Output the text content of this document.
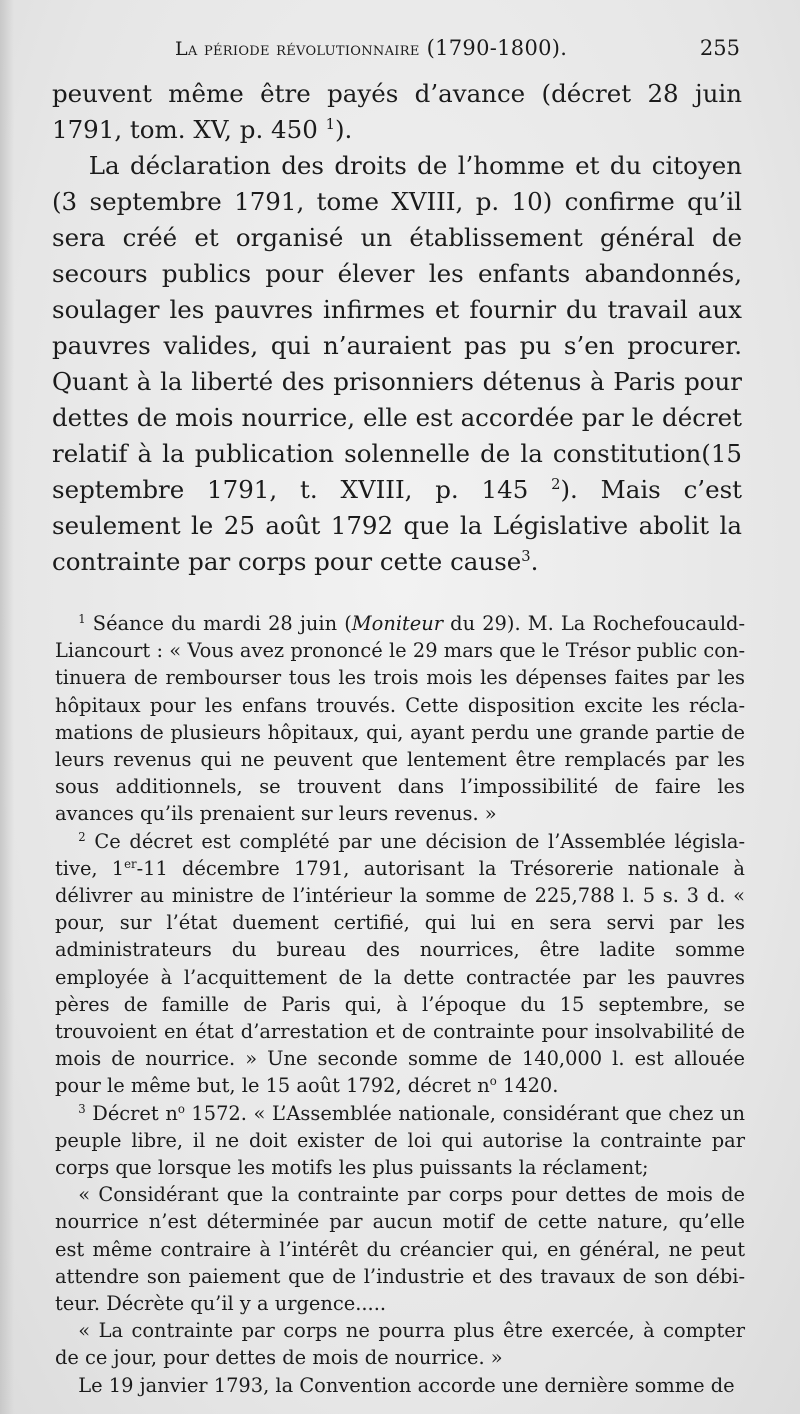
La période révolutionnaire (1790-1800).	255

peuvent même être payés d’avance (décret 28 juin 1791, tom. XV, p. 450 $^1$).

La déclaration des droits de l’homme et du citoyen (3 septembre 1791, tome XVIII, p. 10) confirme qu’il sera créé et organisé un établissement général de secours publics pour élever les enfants abandonnés, soulager les pauvres infirmes et fournir du travail aux pauvres valides, qui n’auraient pas pu s’en procurer. Quant à la liberté des prisonniers détenus à Paris pour dettes de mois nourrice, elle est accordée par le décret relatif à la publication solennelle de la constitution(15 septembre 1791, t. XVIII, p. 145 $^2$). Mais c’est seulement le 25 août 1792 que la Législative abolit la contrainte par corps pour cette cause$^3$.

$^1$ Séance du mardi 28 juin (Moniteur du 29). M. La Rochefoucauld-Liancourt : « Vous avez prononcé le 29 mars que le Trésor public continuera de rembourser tous les trois mois les dépenses faites par les hôpitaux pour les enfans trouvés. Cette disposition excite les réclamations de plusieurs hôpitaux, qui, ayant perdu une grande partie de leurs revenus qui ne peuvent que lentement être remplacés par les sous additionnels, se trouvent dans l’impossibilité de faire les avances qu’ils prenaient sur leurs revenus. »

$^2$ Ce décret est complété par une décision de l’Assemblée législative, 1er-11 décembre 1791, autorisant la Trésorerie nationale à délivrer au ministre de l’intérieur la somme de 225,788 l. 5 s. 3 d. « pour, sur l’état duement certifié, qui lui en sera servi par les administrateurs du bureau des nourrices, être ladite somme employée à l’acquittement de la dette contractée par les pauvres pères de famille de Paris qui, à l’époque du 15 septembre, se trouvoient en état d’arrestation et de contrainte pour insolvabilité de mois de nourrice. » Une seconde somme de 140,000 l. est allouée pour le même but, le 15 août 1792, décret $n^o$ 1420.

$^3$ Décret $n^o$ 1572. « L’Assemblée nationale, considérant que chez un peuple libre, il ne doit exister de loi qui autorise la contrainte par corps que lorsque les motifs les plus puissants la réclament;

« Considérant que la contrainte par corps pour dettes de mois de nourrice n’est déterminée par aucun motif de cette nature, qu’elle est même contraire à l’intérêt du créancier qui, en général, ne peut attendre son paiement que de l’industrie et des travaux de son débiteur. Décrète qu’il y a urgence.....

« La contrainte par corps ne pourra plus être exercée, à compter de ce jour, pour dettes de mois de nourrice. »

Le 19 janvier 1793, la Convention accorde une dernière somme de
